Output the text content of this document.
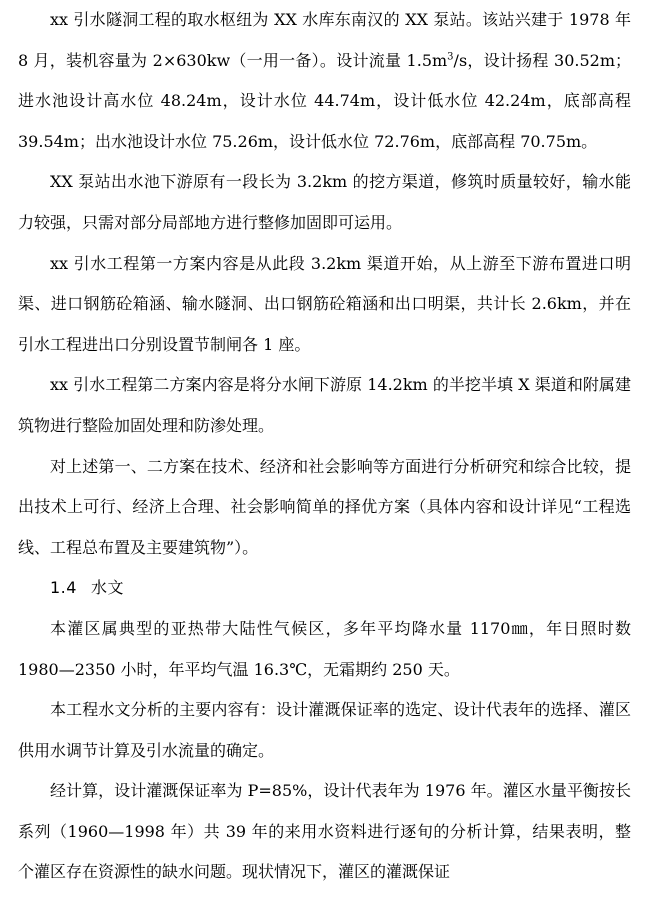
xx 引水隧洞工程的取水枢纽为 XX 水库东南汉的 XX 泵站。该站兴建于 1978 年 8 月，装机容量为 2×630kw（一用一备）。设计流量 $1.5m^3/s$，设计扬程 30.52m；进水池设计高水位 48.24m，设计水位 44.74m，设计低水位 42.24m，底部高程 39.54m；出水池设计水位 75.26m，设计低水位 72.76m，底部高程 70.75m。

XX 泵站出水池下游原有一段长为 3.2km 的挖方渠道，修筑时质量较好，输水能力较强，只需对部分局部地方进行整修加固即可运用。

xx 引水工程第一方案内容是从此段 3.2km 渠道开始，从上游至下游布置进口明渠、进口钢筋砼箱涵、输水隧洞、出口钢筋砼箱涵和出口明渠，共计长 2.6km，并在引水工程进出口分别设置节制闸各 1 座。

xx 引水工程第二方案内容是将分水闸下游原 14.2km 的半挖半填 X 渠道和附属建筑物进行整险加固处理和防渗处理。

对上述第一、二方案在技术、经济和社会影响等方面进行分析研究和综合比较，提出技术上可行、经济上合理、社会影响简单的择优方案（具体内容和设计详见“工程选线、工程总布置及主要建筑物”）。

1.4 水文

本灌区属典型的亚热带大陆性气候区，多年平均降水量 1170㎜，年日照时数 1980—2350 小时，年平均气温 16.3℃，无霜期约 250 天。

本工程水文分析的主要内容有：设计灌溉保证率的选定、设计代表年的选择、灌区供用水调节计算及引水流量的确定。

经计算，设计灌溉保证率为 P=85%，设计代表年为 1976 年。灌区水量平衡按长系列（1960—1998 年）共 39 年的来用水资料进行逐旬的分析计算，结果表明，整个灌区存在资源性的缺水问题。现状情况下，灌区的灌溉保证
